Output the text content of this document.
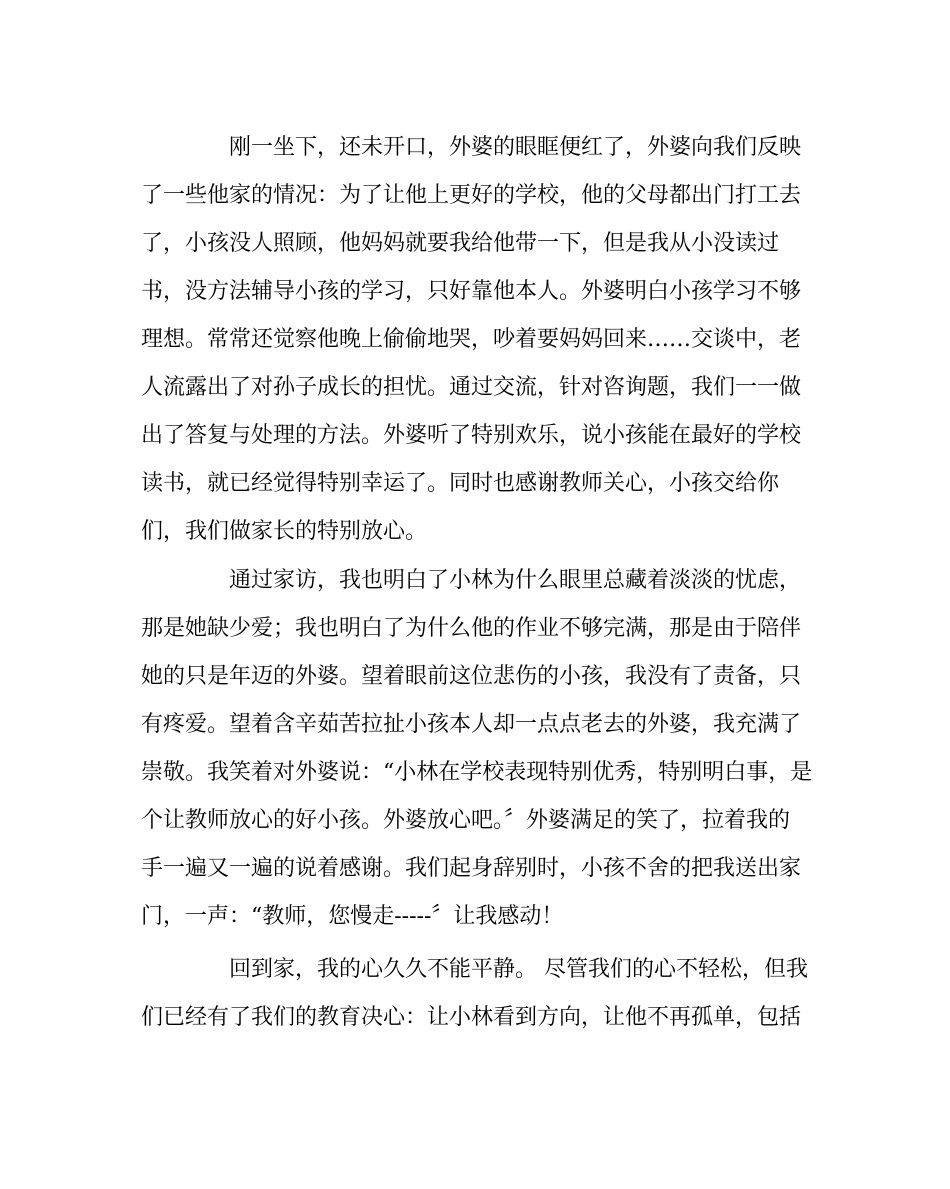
刚一坐下，还未开口，外婆的眼眶便红了，外婆向我们反映

了一些他家的情况：为了让他上更好的学校，他的父母都出门打工去

了，小孩没人照顾，他妈妈就要我给他带一下，但是我从小没读过

书，没方法辅导小孩的学习，只好靠他本人。外婆明白小孩学习不够

理想。常常还觉察他晚上偷偷地哭，吵着要妈妈回来……交谈中，老

人流露出了对孙子成长的担忧。通过交流，针对咨询题，我们一一做

出了答复与处理的方法。外婆听了特别欢乐，说小孩能在最好的学校

读书，就已经觉得特别幸运了。同时也感谢教师关心，小孩交给你

们，我们做家长的特别放心。

通过家访，我也明白了小林为什么眼里总藏着淡淡的忧虑，

那是她缺少爱；我也明白了为什么他的作业不够完满，那是由于陪伴

她的只是年迈的外婆。望着眼前这位悲伤的小孩，我没有了责备，只

有疼爱。望着含辛茹苦拉扯小孩本人却一点点老去的外婆，我充满了

崇敬。我笑着对外婆说：“小林在学校表现特别优秀，特别明白事，是

个让教师放心的好小孩。外婆放心吧。〞外婆满足的笑了，拉着我的

手一遍又一遍的说着感谢。我们起身辞别时，小孩不舍的把我送出家

门，一声：“教师，您慢走-----〞让我感动！

回到家，我的心久久不能平静。 尽管我们的心不轻松，但我

们已经有了我们的教育决心：让小林看到方向，让他不再孤单，包括
